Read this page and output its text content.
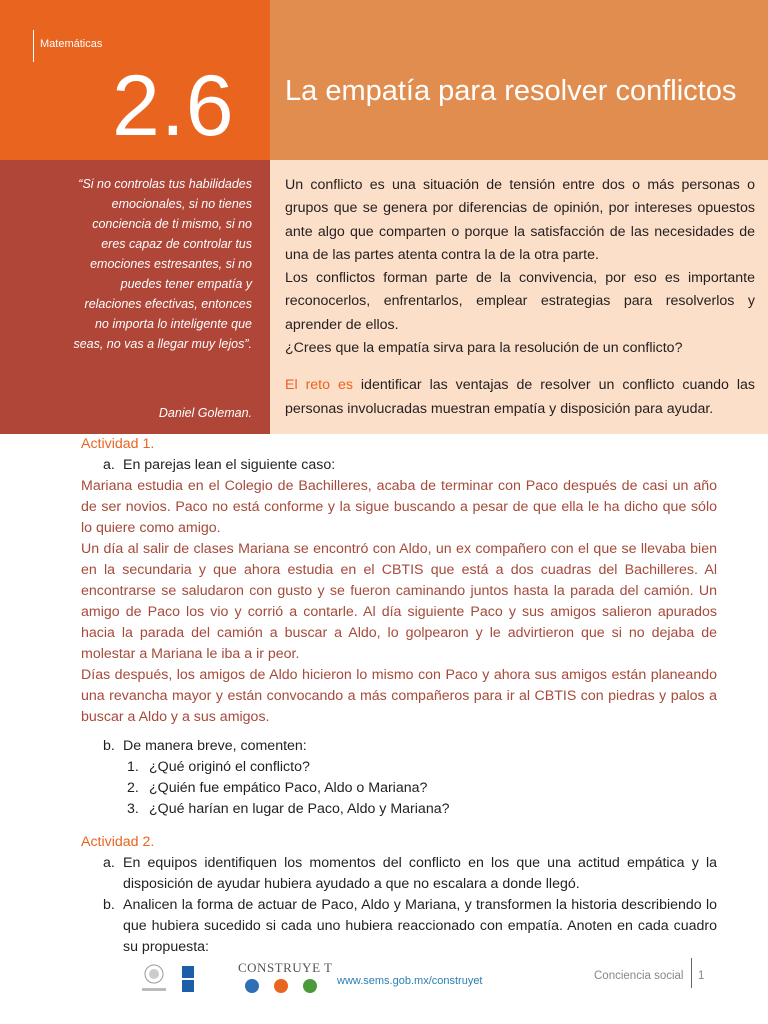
Matemáticas
2.6 La empatía para resolver conflictos
“Si no controlas tus habilidades emocionales, si no tienes conciencia de ti mismo, si no eres capaz de controlar tus emociones estresantes, si no puedes tener empatía y relaciones efectivas, entonces no importa lo inteligente que seas, no vas a llegar muy lejos”.
Daniel Goleman.

Un conflicto es una situación de tensión entre dos o más personas o grupos que se genera por diferencias de opinión, por intereses opuestos ante algo que comparten o porque la satisfacción de las necesidades de una de las partes atenta contra la de la otra parte.

Los conflictos forman parte de la convivencia, por eso es importante reconocerlos, enfrentarlos, emplear estrategias para resolverlos y aprender de ellos.

¿Crees que la empatía sirva para la resolución de un conflicto?

El reto es identificar las ventajas de resolver un conflicto cuando las personas involucradas muestran empatía y disposición para ayudar.

Actividad 1.

a. En parejas lean el siguiente caso:

Mariana estudia en el Colegio de Bachilleres, acaba de terminar con Paco después de casi un año de ser novios. Paco no está conforme y la sigue buscando a pesar de que ella le ha dicho que sólo lo quiere como amigo.

Un día al salir de clases Mariana se encontró con Aldo, un ex compañero con el que se llevaba bien en la secundaria y que ahora estudia en el CBTIS que está a dos cuadras del Bachilleres. Al encontrarse se saludaron con gusto y se fueron caminando juntos hasta la parada del camión. Un amigo de Paco los vio y corrió a contarle. Al día siguiente Paco y sus amigos salieron apurados hacia la parada del camión a buscar a Aldo, lo golpearon y le advirtieron que si no dejaba de molestar a Mariana le iba a ir peor.

Días después, los amigos de Aldo hicieron lo mismo con Paco y ahora sus amigos están planeando una revancha mayor y están convocando a más compañeros para ir al CBTIS con piedras y palos a buscar a Aldo y a sus amigos.

b. De manera breve, comenten:
1. ¿Qué originó el conflicto?
2. ¿Quién fue empático Paco, Aldo o Mariana?
3. ¿Qué harían en lugar de Paco, Aldo y Mariana?

Actividad 2.

a. En equipos identifiquen los momentos del conflicto en los que una actitud empática y la disposición de ayudar hubiera ayudado a que no escalara a donde llegó.
b. Analicen la forma de actuar de Paco, Aldo y Mariana, y transformen la historia describiendo lo que hubiera sucedido si cada uno hubiera reaccionado con empatía. Anoten en cada cuadro su propuesta:
CONSTRUYE T
www.sems.gob.mx/construyet	Conciencia social 1
